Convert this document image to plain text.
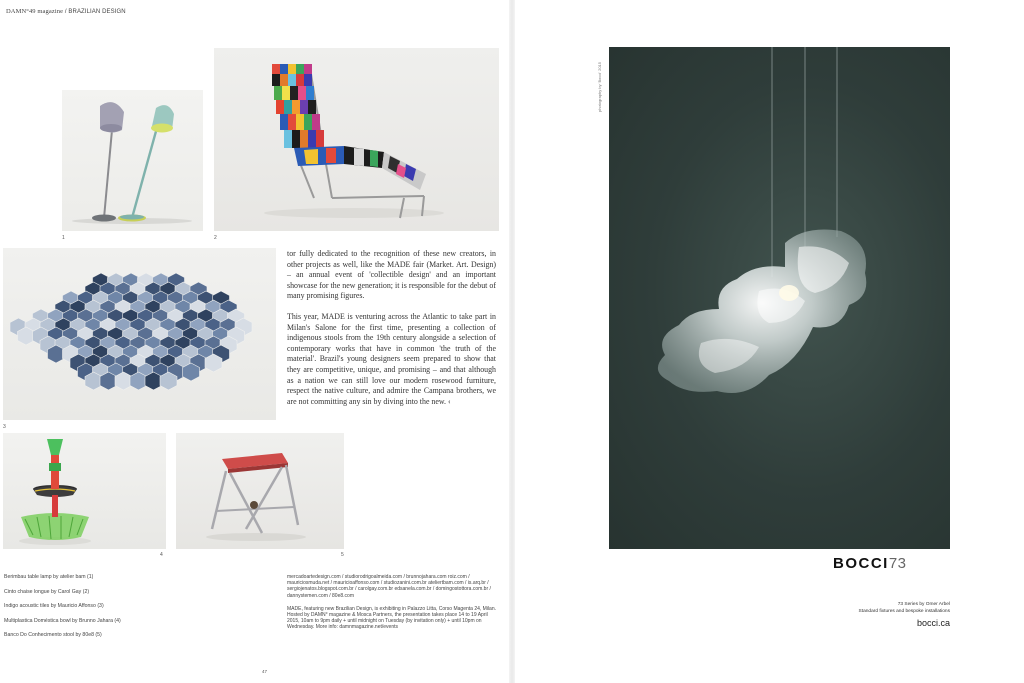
DAMN°49 magazine / BRAZILIAN DESIGN
1	2
3
4	5

tor fully dedicated to the recognition of these new creators, in other projects as well, like the MADE fair (Market. Art. Design) – an annual event of 'collectible design' and an important showcase for the new generation; it is responsible for the debut of many promising figures.

This year, MADE is venturing across the Atlantic to take part in Milan's Salone for the first time, presenting a collection of indigenous stools from the 19th century alongside a selection of contemporary works that have in common 'the truth of the material'. Brazil's young designers seem prepared to show that they are competitive, unique, and promising – and that although as a nation we can still love our modern rosewood furniture, respect the native culture, and admire the Campana brothers, we are not committing any sin by diving into the new. ‹

Berimbau table lamp by atelier bam (1)
Cinto chaise longue by Carol Gay (2)
Indigo acoustic tiles by Mauricio Affonso (3)
Multiplastica Doméstica bowl by Brunno Jahara (4)
Banco Do Conhecimento stool by 80e8 (5)
mercadoartedesign.com / studiorodrigoalmeida.com / brunnojahara.com roiz.com / mauriciosmuda.net / mauricioaffonso.com / studiozanini.com.br ateliertbam.com / is.arq.br / sergiojenatos.blogspot.com.br / carolgay.com.br edsanela.com.br / domingostottora.com.br / dannystemen.com / 80e8.com
MADE, featuring new Brazilian Design, is exhibiting in Palazzo Litta, Corso Magenta 24, Milan. Hosted by DAMN° magazine & Mosca Partners, the presentation takes place 14 to 19 April 2015, 10am to 9pm daily + until midnight on Tuesday (by invitation only) + until 10pm on Wednesday. More info: damnmagazine.net/events
47
photography by 'Bocci' 2015
BOCCI73
73 Series by Omer Arbel
Standard fixtures and bespoke installations
bocci.ca
